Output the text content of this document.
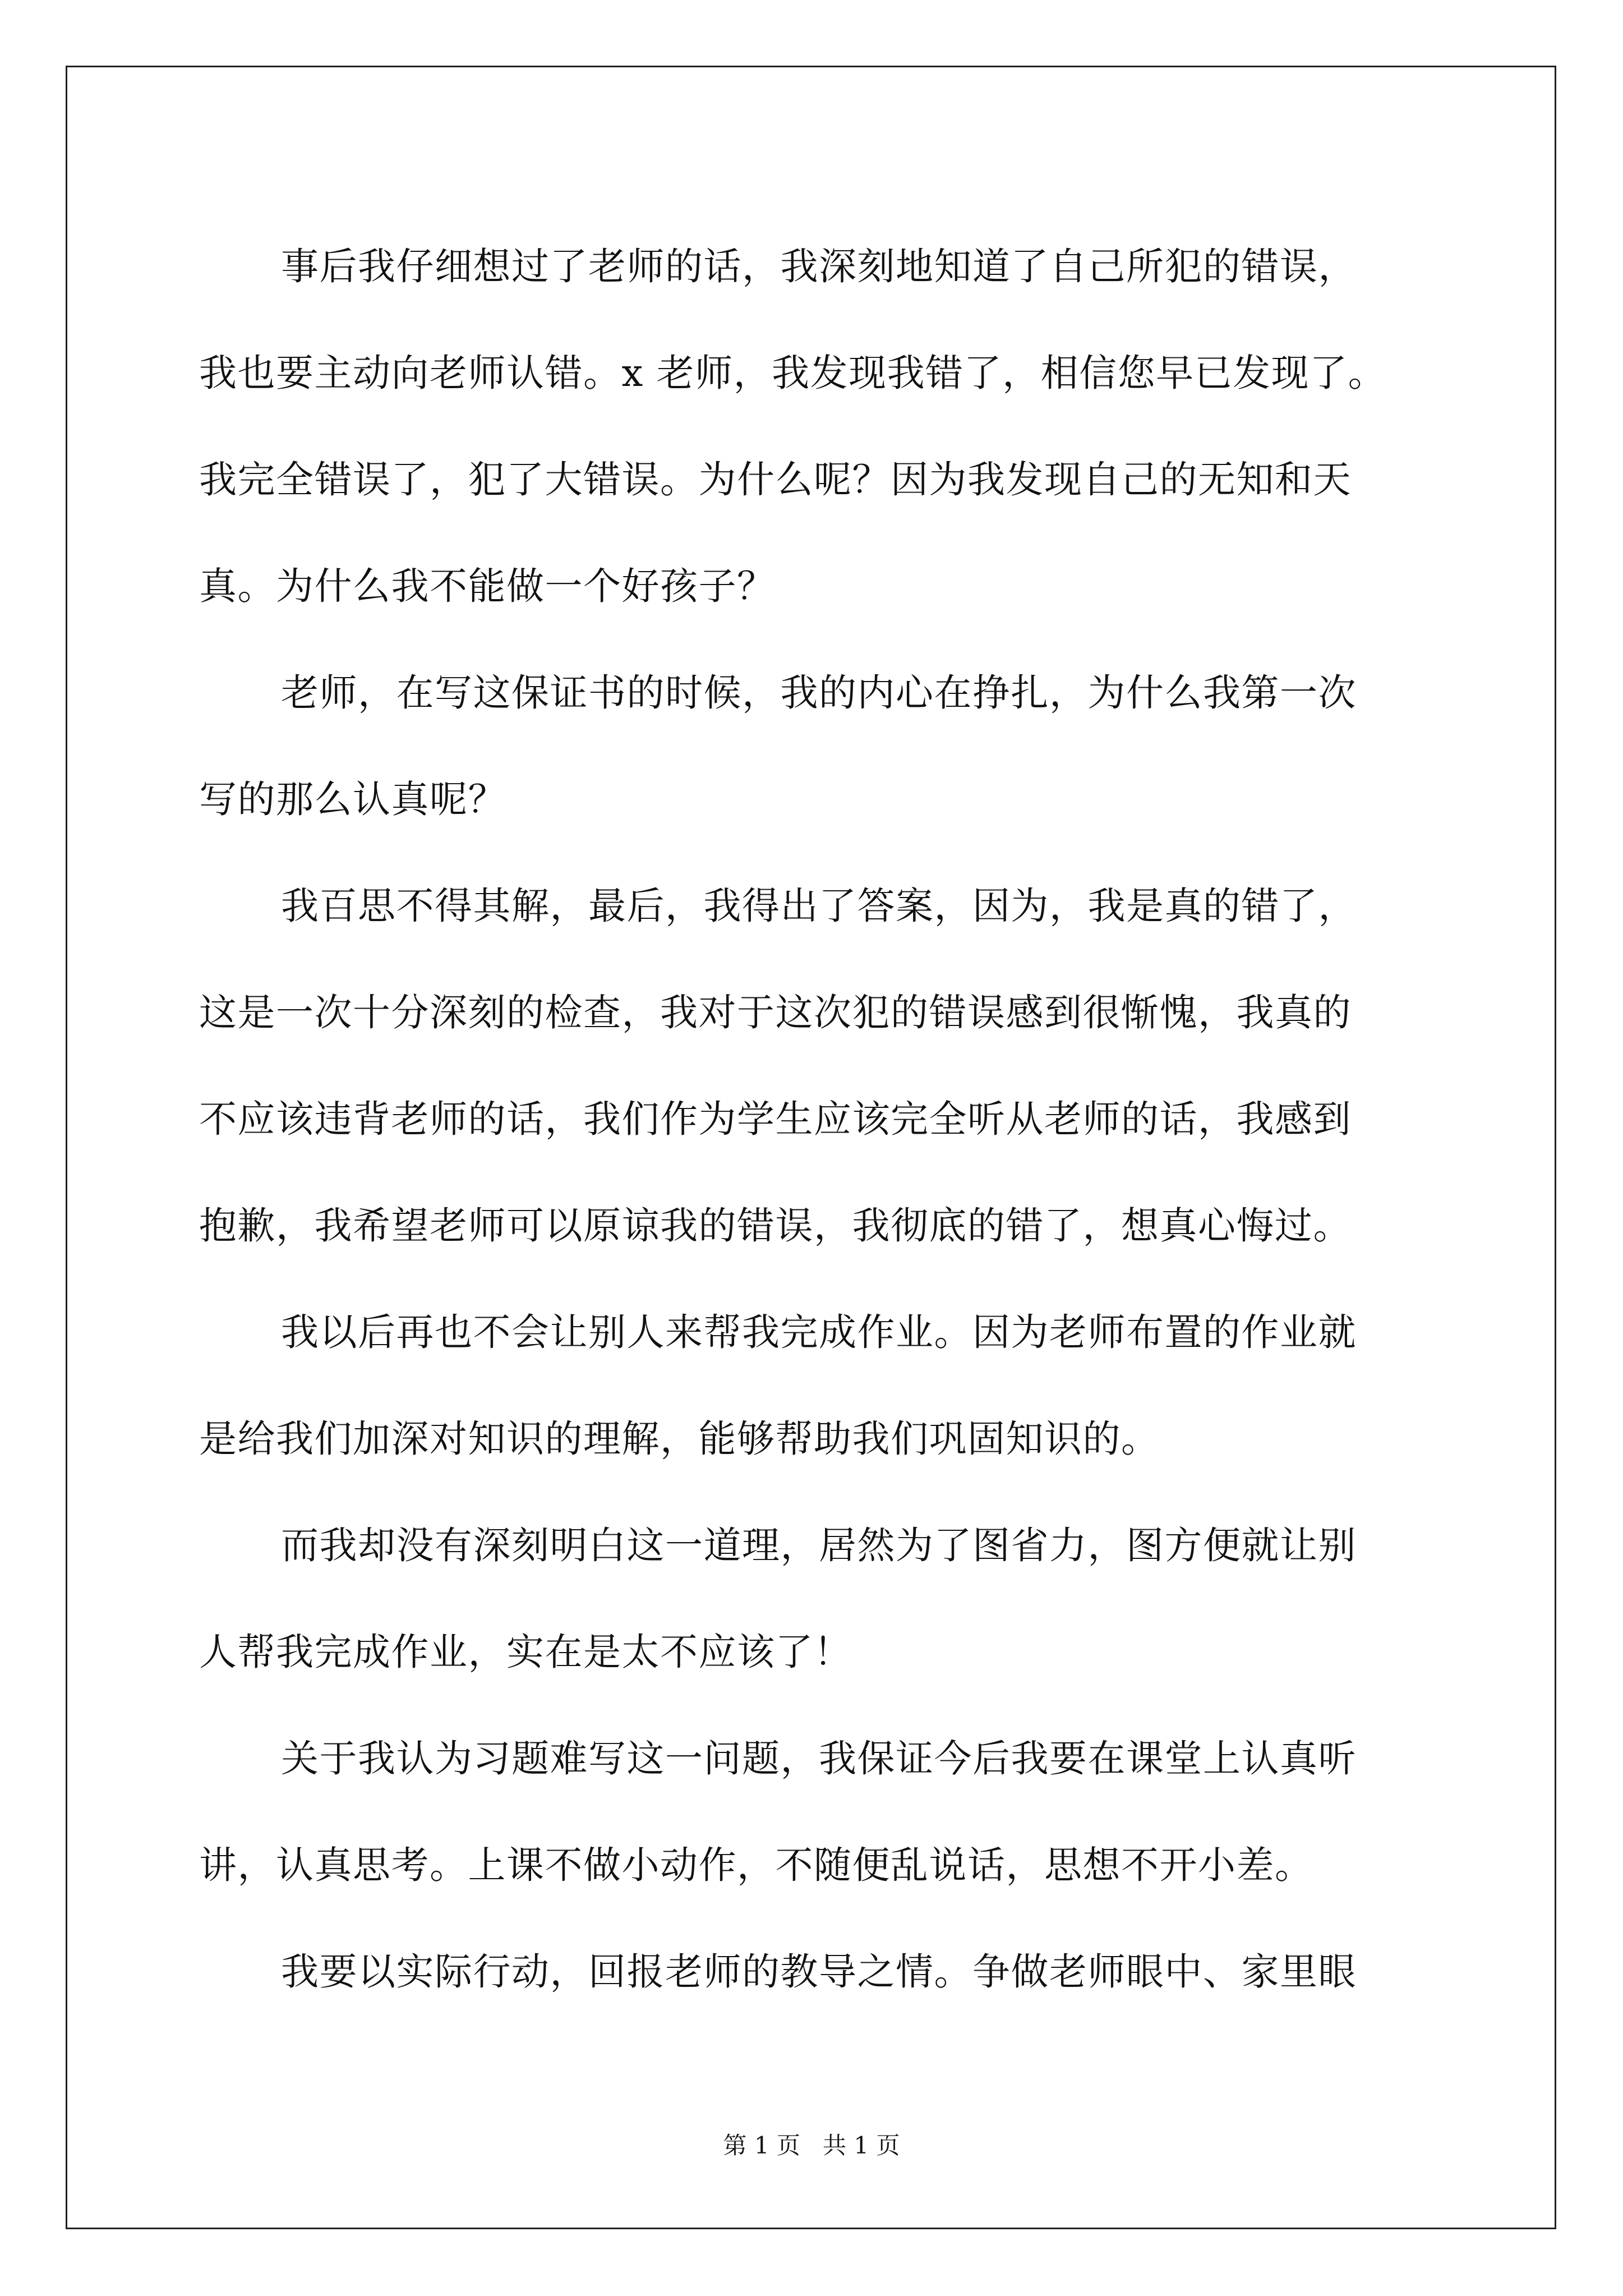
事后我仔细想过了老师的话，我深刻地知道了自己所犯的错误，
我也要主动向老师认错。x 老师，我发现我错了，相信您早已发现了。
我完全错误了，犯了大错误。为什么呢？因为我发现自己的无知和天
真。为什么我不能做一个好孩子？
老师，在写这保证书的时候，我的内心在挣扎，为什么我第一次
写的那么认真呢？
我百思不得其解，最后，我得出了答案，因为，我是真的错了，
这是一次十分深刻的检查，我对于这次犯的错误感到很惭愧，我真的
不应该违背老师的话，我们作为学生应该完全听从老师的话，我感到
抱歉，我希望老师可以原谅我的错误，我彻底的错了，想真心悔过。
我以后再也不会让别人来帮我完成作业。因为老师布置的作业就
是给我们加深对知识的理解，能够帮助我们巩固知识的。
而我却没有深刻明白这一道理，居然为了图省力，图方便就让别
人帮我完成作业，实在是太不应该了！
关于我认为习题难写这一问题，我保证今后我要在课堂上认真听
讲，认真思考。上课不做小动作，不随便乱说话，思想不开小差。
我要以实际行动，回报老师的教导之情。争做老师眼中、家里眼
第 1 页   共 1 页
